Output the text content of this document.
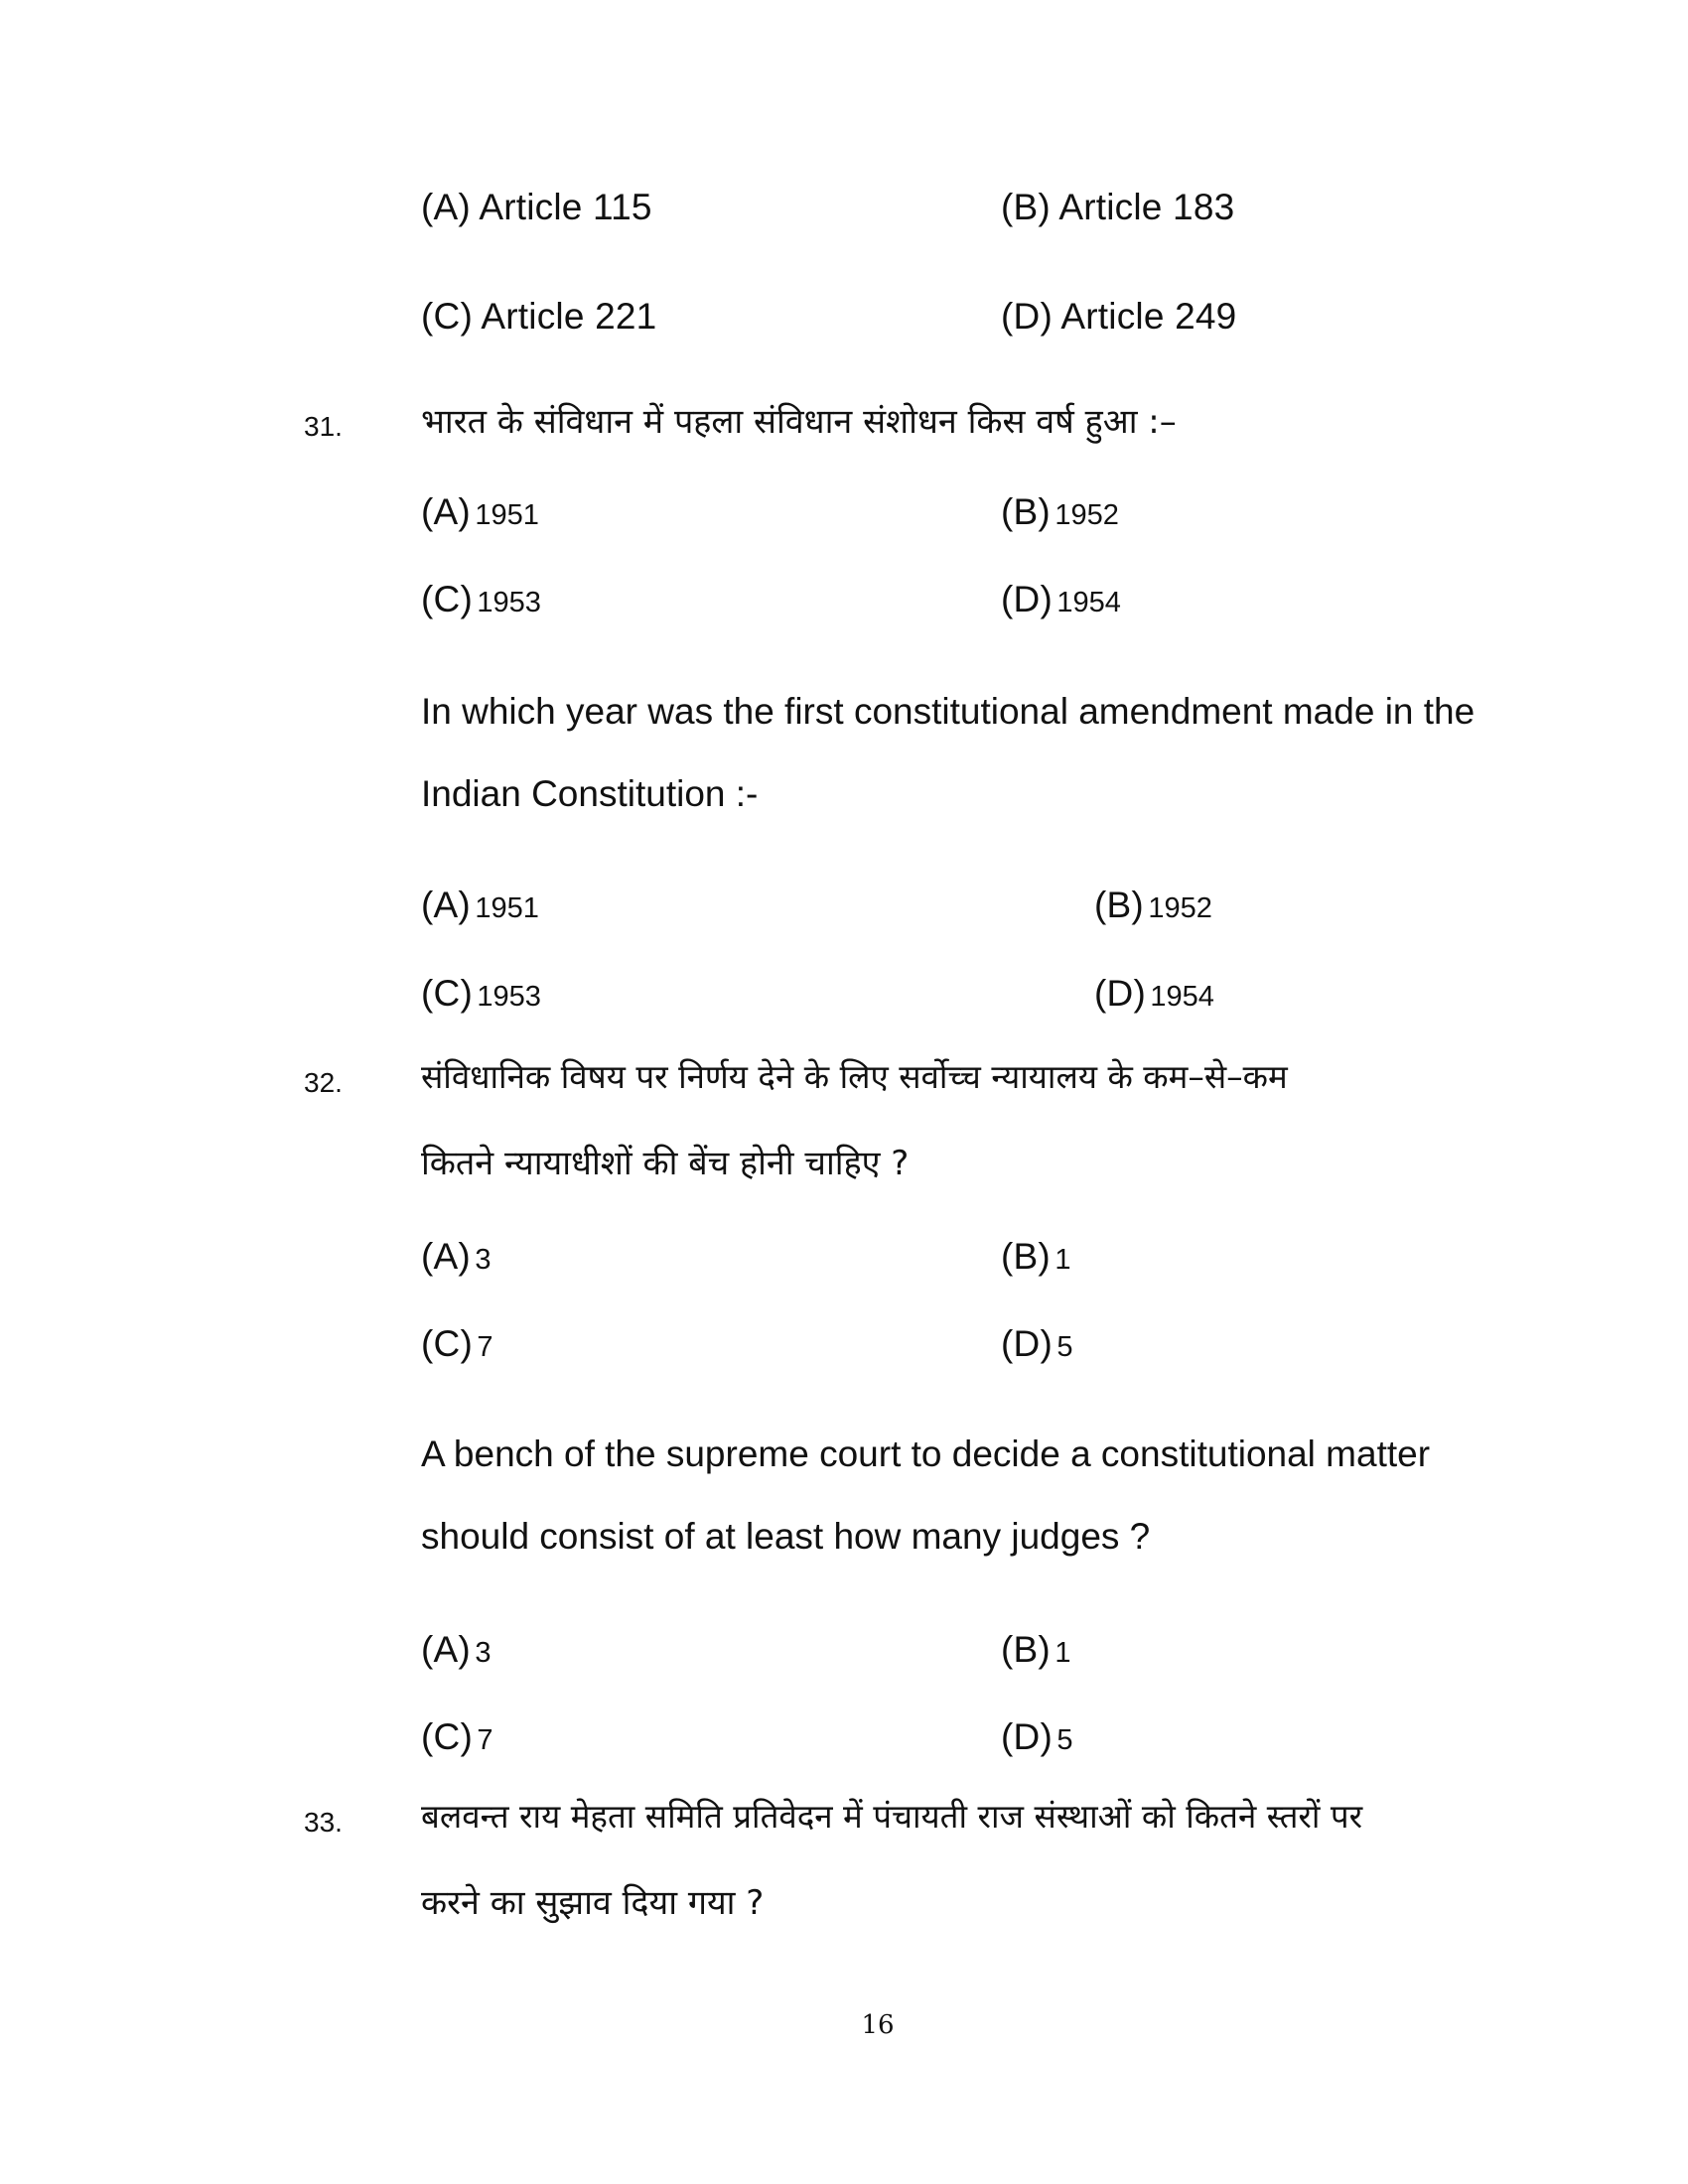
(A) Article 115	(B) Article 183
(C) Article 221	(D) Article 249
31. भारत के संविधान में पहला संविधान संशोधन किस वर्ष हुआ :–
(A) 1951	(B) 1952
(C) 1953	(D) 1954
In which year was the first constitutional amendment made in the
Indian Constitution :-
(A) 1951	(B) 1952
(C) 1953	(D) 1954
32. संविधानिक विषय पर निर्णय देने के लिए सर्वोच्च न्यायालय के कम–से–कम
कितने न्यायाधीशों की बेंच होनी चाहिए ?
(A) 3	(B) 1
(C) 7	(D) 5
A bench of the supreme court to decide a constitutional matter
should consist of at least how many judges ?
(A) 3	(B) 1
(C) 7	(D) 5
33. बलवन्त राय मेहता समिति प्रतिवेदन में पंचायती राज संस्थाओं को कितने स्तरों पर
करने का सुझाव दिया गया ?
16
